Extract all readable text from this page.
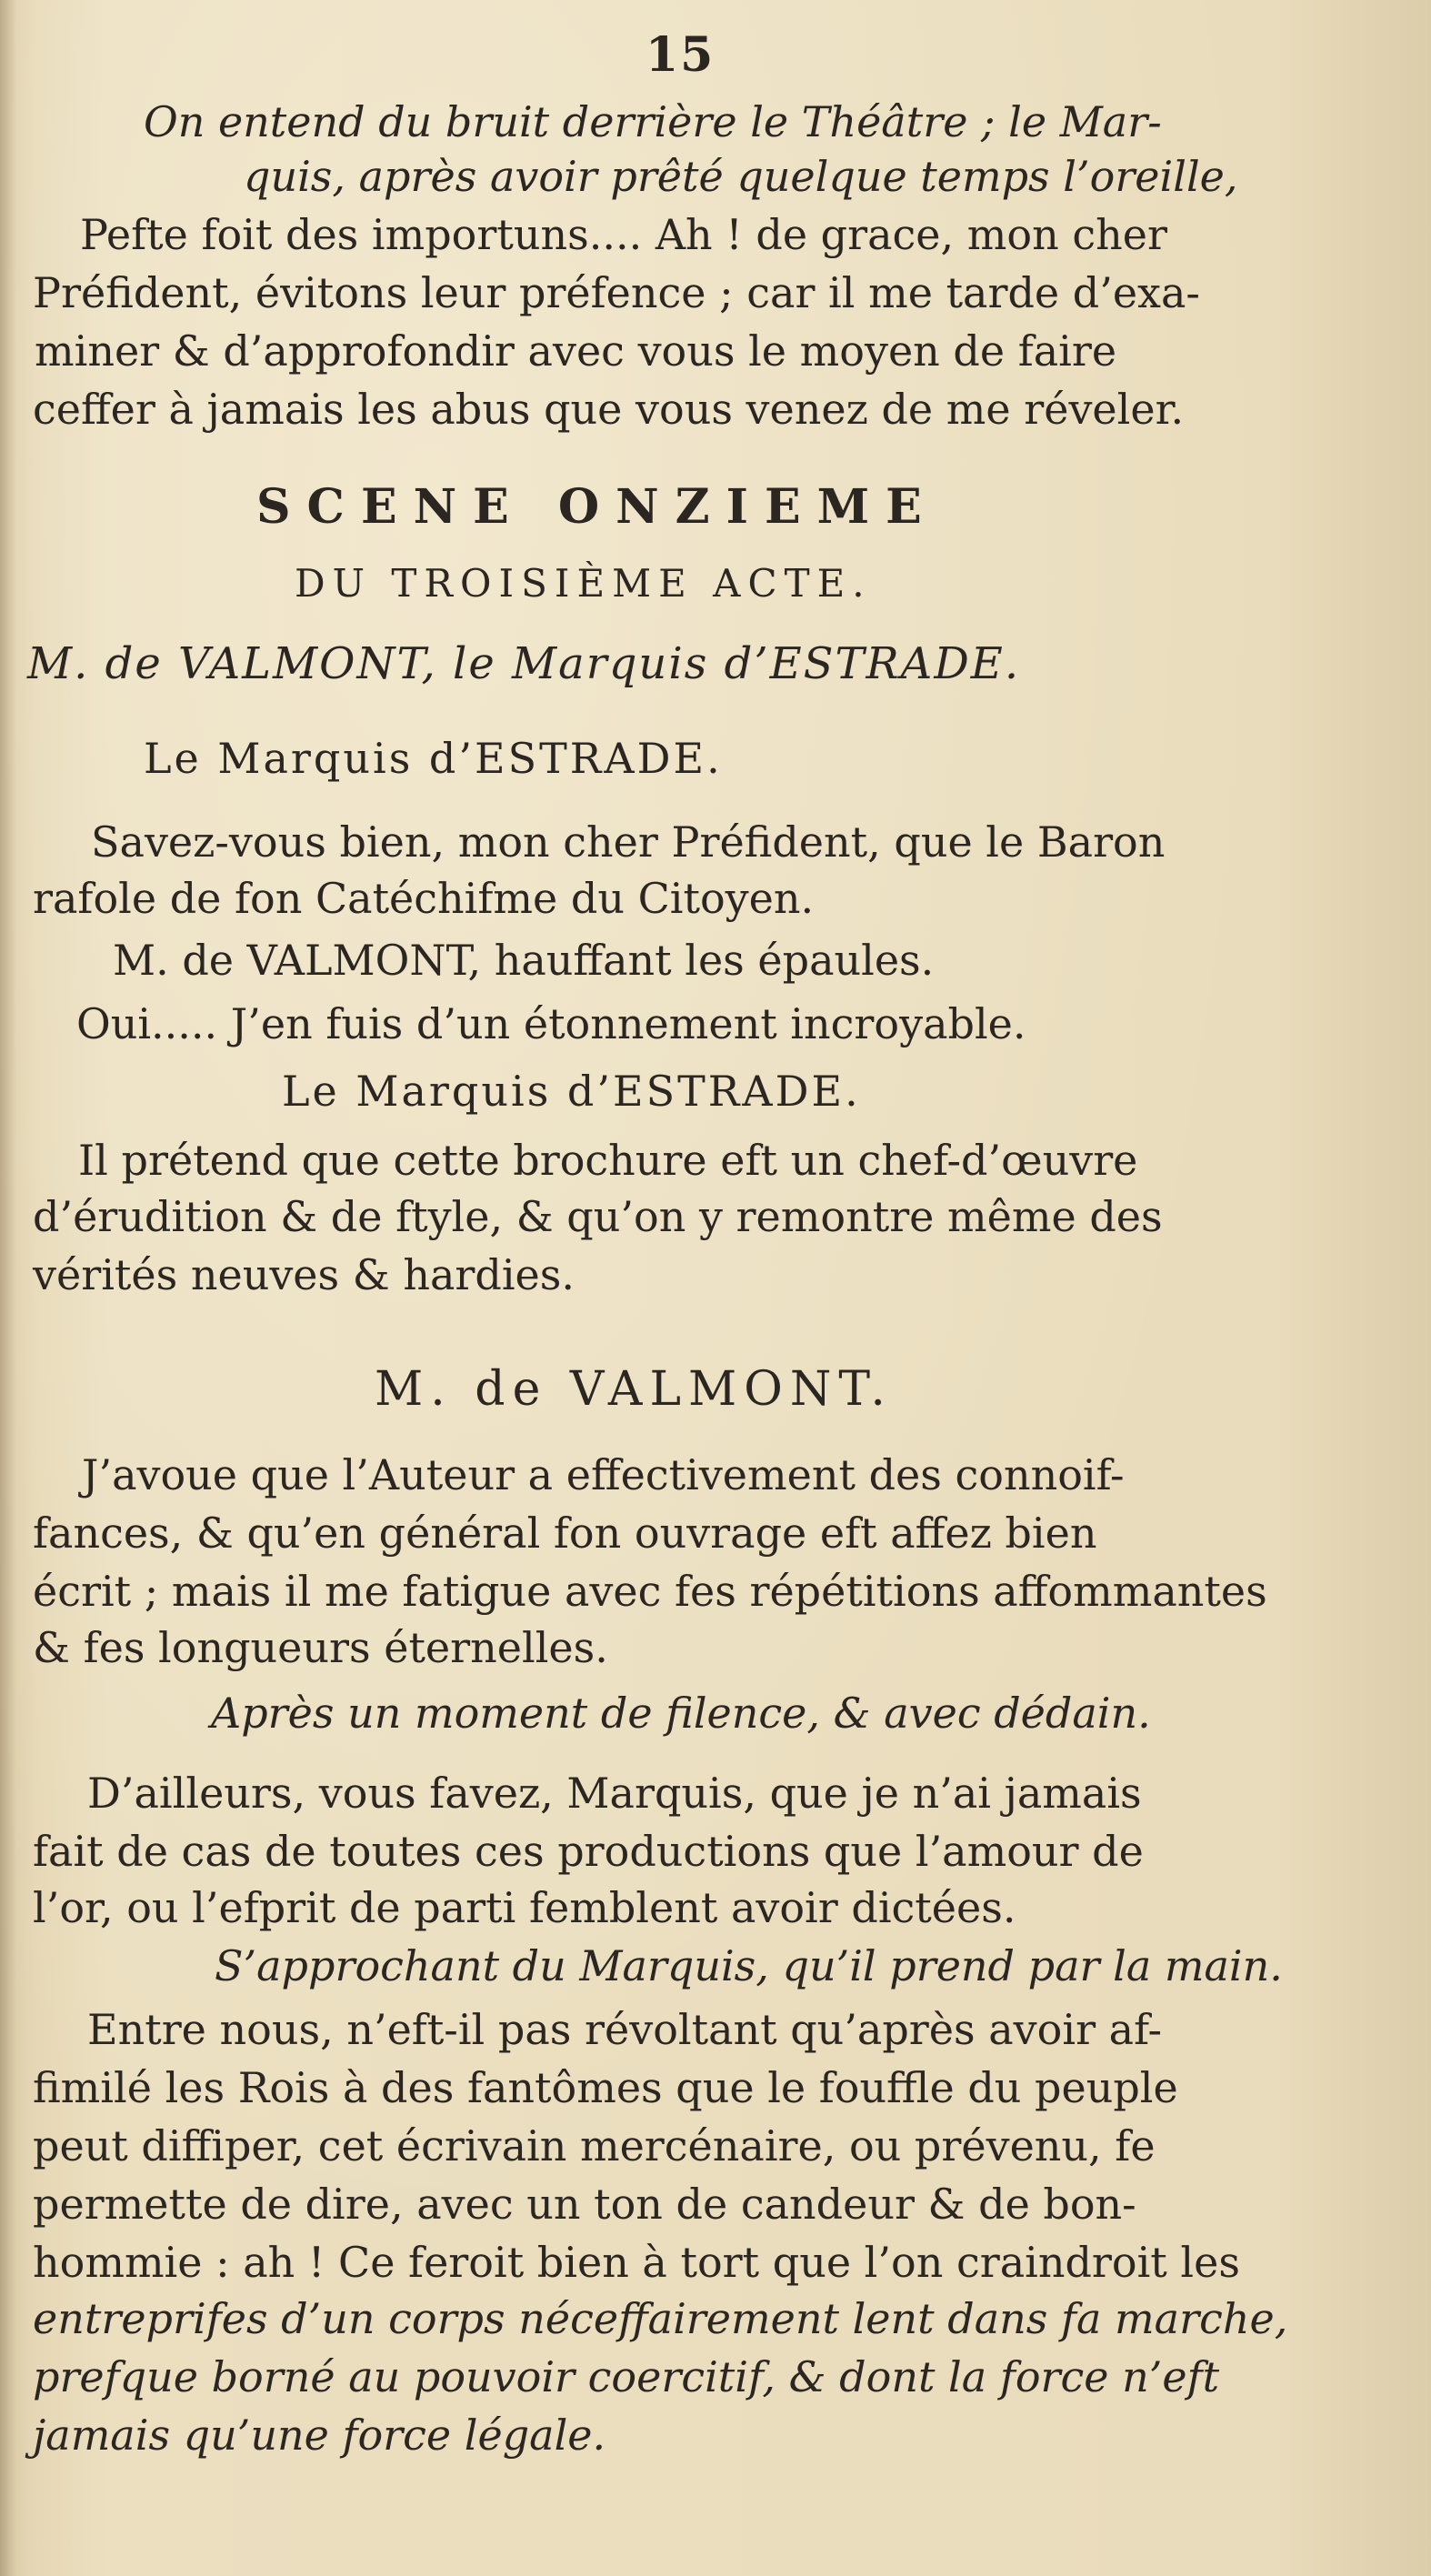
15
On entend du bruit derrière le Théâtre ; le Mar-
quis, après avoir prêté quelque temps l’oreille,
Pefte foit des importuns.... Ah ! de grace, mon cher
Préfident, évitons leur préfence ; car il me tarde d’exa-
miner & d’approfondir avec vous le moyen de faire
ceffer à jamais les abus que vous venez de me réveler.
SCENE ONZIEME
DU TROISIÈME ACTE.
M. de VALMONT, le Marquis d’ESTRADE.
Le Marquis d’ESTRADE.
Savez-vous bien, mon cher Préfident, que le Baron
rafole de fon Catéchifme du Citoyen.
M. de VALMONT, hauffant les épaules.
Oui..... J’en fuis d’un étonnement incroyable.
Le Marquis d’ESTRADE.
Il prétend que cette brochure eft un chef-d’œuvre
d’érudition & de ftyle, & qu’on y remontre même des
vérités neuves & hardies.
M. de VALMONT.
J’avoue que l’Auteur a effectivement des connoif-
fances, & qu’en général fon ouvrage eft affez bien
écrit ; mais il me fatigue avec fes répétitions affommantes
& fes longueurs éternelles.
Après un moment de filence, & avec dédain.
D’ailleurs, vous favez, Marquis, que je n’ai jamais
fait de cas de toutes ces productions que l’amour de
l’or, ou l’efprit de parti femblent avoir dictées.
S’approchant du Marquis, qu’il prend par la main.
Entre nous, n’eft-il pas révoltant qu’après avoir af-
fimilé les Rois à des fantômes que le fouffle du peuple
peut diffiper, cet écrivain mercénaire, ou prévenu, fe
permette de dire, avec un ton de candeur & de bon-
hommie : ah ! Ce feroit bien à tort que l’on craindroit les
entreprifes d’un corps néceffairement lent dans fa marche,
prefque borné au pouvoir coercitif, & dont la force n’eft
jamais qu’une force légale.
